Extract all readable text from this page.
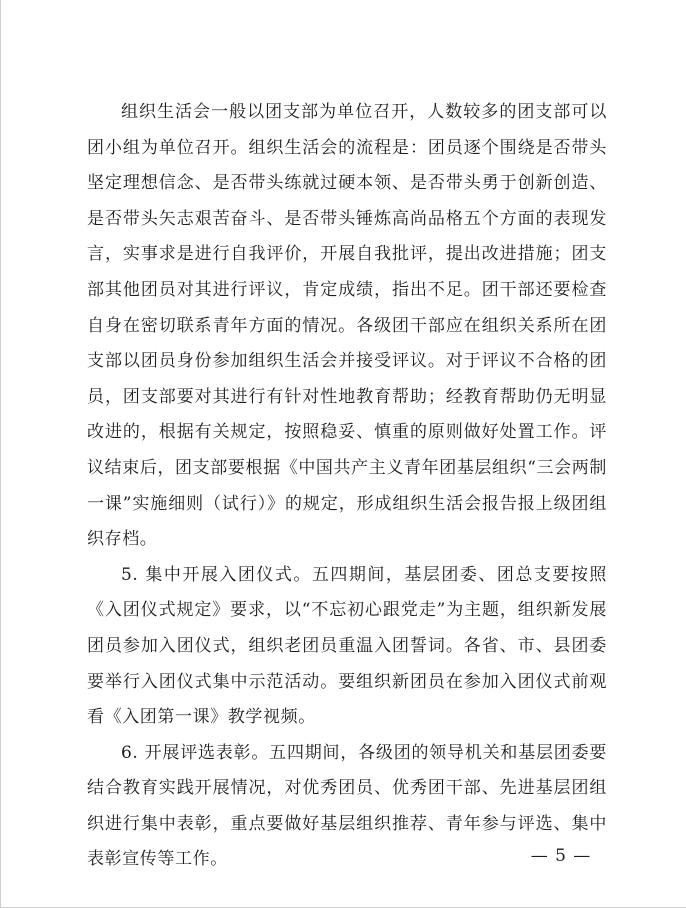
组织生活会一般以团支部为单位召开，人数较多的团支部可以团小组为单位召开。组织生活会的流程是：团员逐个围绕是否带头坚定理想信念、是否带头练就过硬本领、是否带头勇于创新创造、是否带头矢志艰苦奋斗、是否带头锤炼高尚品格五个方面的表现发言，实事求是进行自我评价，开展自我批评，提出改进措施；团支部其他团员对其进行评议，肯定成绩，指出不足。团干部还要检查自身在密切联系青年方面的情况。各级团干部应在组织关系所在团支部以团员身份参加组织生活会并接受评议。对于评议不合格的团员，团支部要对其进行有针对性地教育帮助；经教育帮助仍无明显改进的，根据有关规定，按照稳妥、慎重的原则做好处置工作。评议结束后，团支部要根据《中国共产主义青年团基层组织“三会两制一课”实施细则（试行）》的规定，形成组织生活会报告报上级团组织存档。

5. 集中开展入团仪式。五四期间，基层团委、团总支要按照《入团仪式规定》要求，以“不忘初心跟党走”为主题，组织新发展团员参加入团仪式，组织老团员重温入团誓词。各省、市、县团委要举行入团仪式集中示范活动。要组织新团员在参加入团仪式前观看《入团第一课》教学视频。

6. 开展评选表彰。五四期间，各级团的领导机关和基层团委要结合教育实践开展情况，对优秀团员、优秀团干部、先进基层团组织进行集中表彰，重点要做好基层组织推荐、青年参与评选、集中表彰宣传等工作。	— 5 —
